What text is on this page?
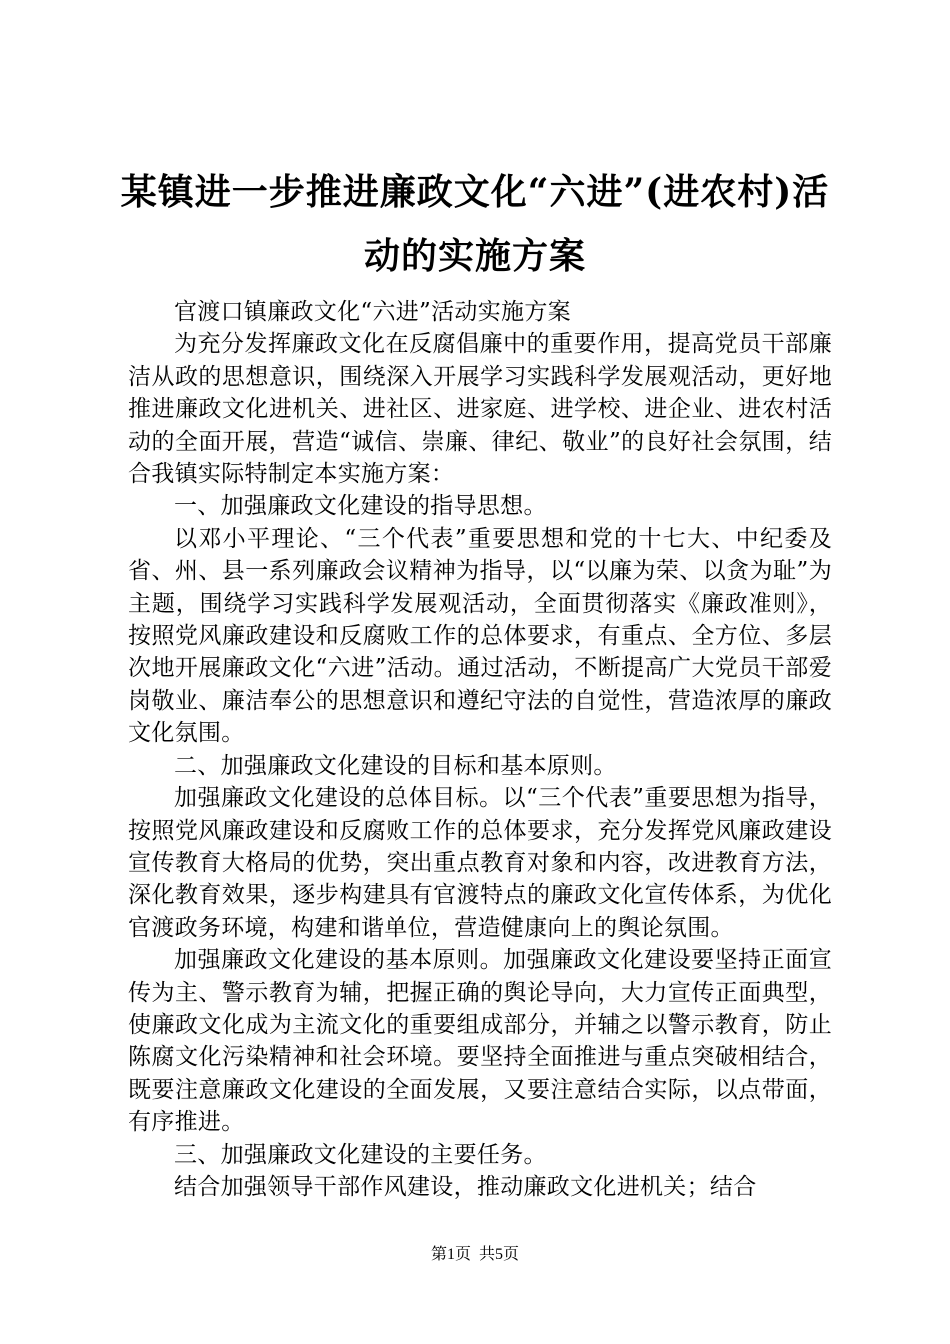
某镇进一步推进廉政文化“六进”(进农村)活
动的实施方案

官渡口镇廉政文化“六进”活动实施方案

为充分发挥廉政文化在反腐倡廉中的重要作用，提高党员干部廉洁从政的思想意识，围绕深入开展学习实践科学发展观活动，更好地推进廉政文化进机关、进社区、进家庭、进学校、进企业、进农村活动的全面开展，营造“诚信、崇廉、律纪、敬业”的良好社会氛围，结合我镇实际特制定本实施方案：

一、加强廉政文化建设的指导思想。

以邓小平理论、“三个代表”重要思想和党的十七大、中纪委及省、州、县一系列廉政会议精神为指导，以“以廉为荣、以贪为耻”为主题，围绕学习实践科学发展观活动，全面贯彻落实《廉政准则》，按照党风廉政建设和反腐败工作的总体要求，有重点、全方位、多层次地开展廉政文化“六进”活动。通过活动，不断提高广大党员干部爱岗敬业、廉洁奉公的思想意识和遵纪守法的自觉性，营造浓厚的廉政文化氛围。

二、加强廉政文化建设的目标和基本原则。

加强廉政文化建设的总体目标。以“三个代表”重要思想为指导，按照党风廉政建设和反腐败工作的总体要求，充分发挥党风廉政建设宣传教育大格局的优势，突出重点教育对象和内容，改进教育方法，深化教育效果，逐步构建具有官渡特点的廉政文化宣传体系，为优化官渡政务环境，构建和谐单位，营造健康向上的舆论氛围。

加强廉政文化建设的基本原则。加强廉政文化建设要坚持正面宣传为主、警示教育为辅，把握正确的舆论导向，大力宣传正面典型，使廉政文化成为主流文化的重要组成部分，并辅之以警示教育，防止陈腐文化污染精神和社会环境。要坚持全面推进与重点突破相结合，既要注意廉政文化建设的全面发展，又要注意结合实际，以点带面，有序推进。

三、加强廉政文化建设的主要任务。

结合加强领导干部作风建设，推动廉政文化进机关；结合

第1页 共5页
